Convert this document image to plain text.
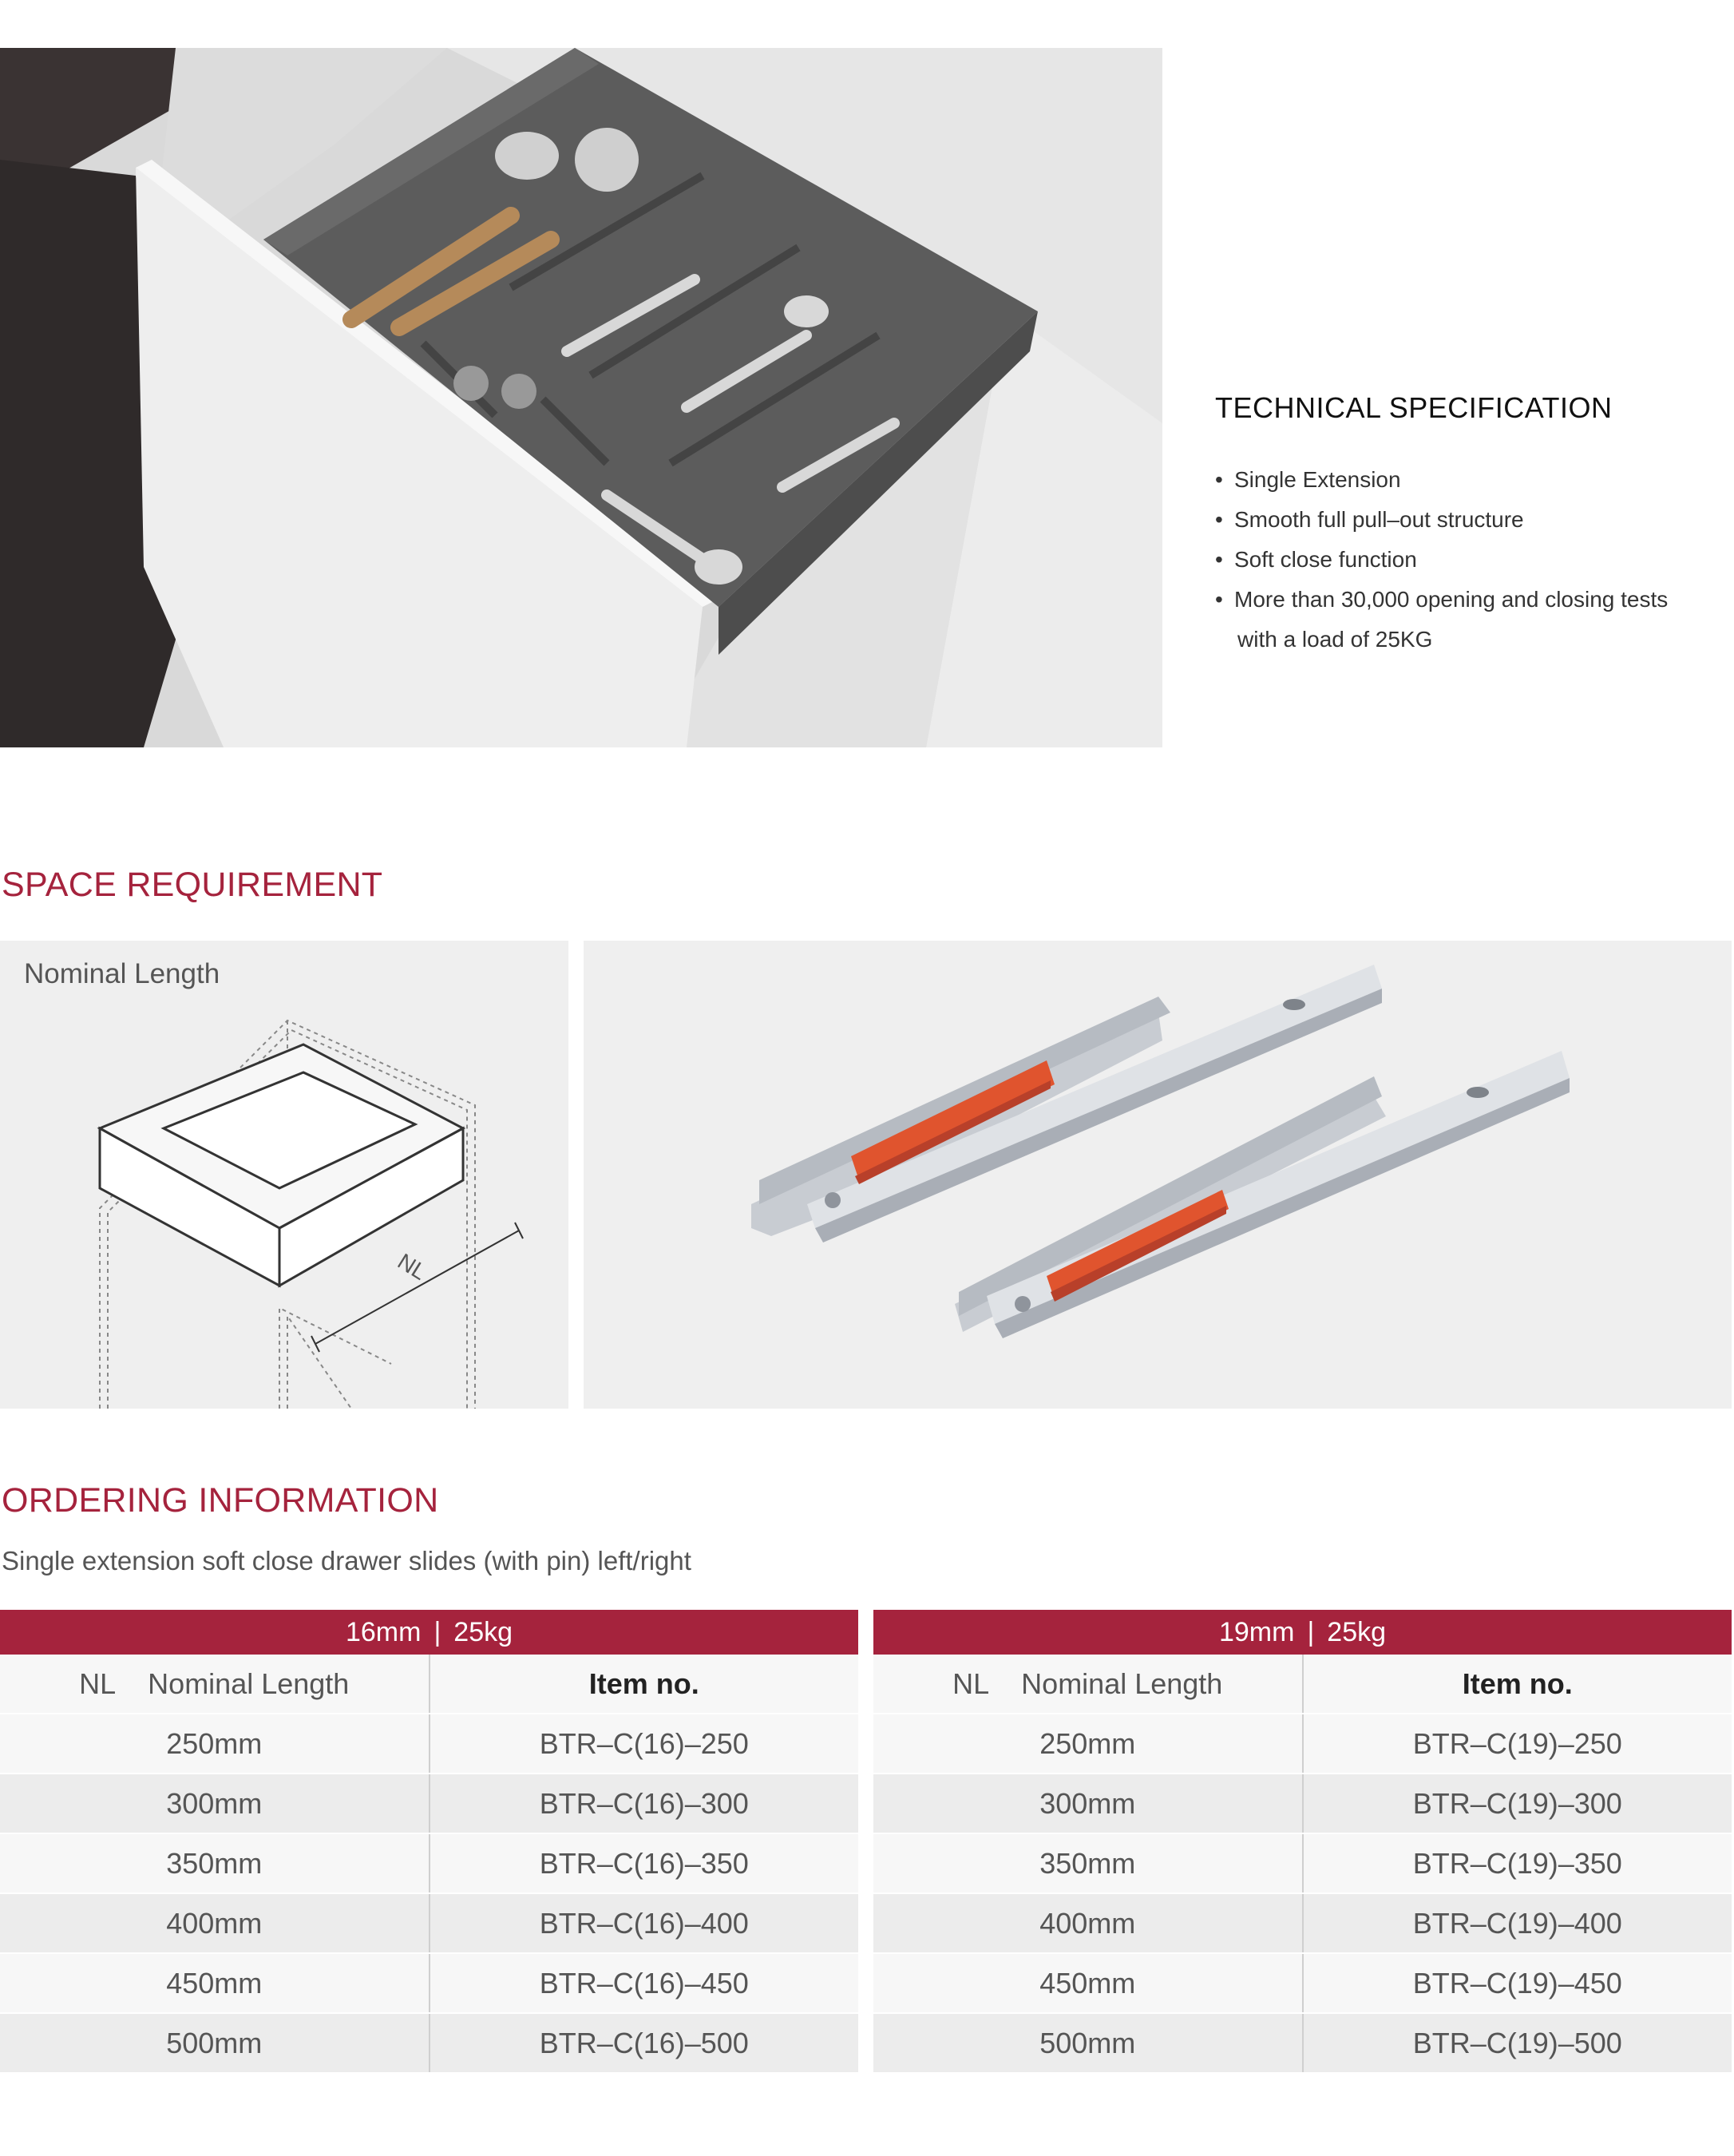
TECHNICAL SPECIFICATION
• Single Extension
• Smooth full pull–out structure
• Soft close function
• More than 30,000 opening and closing tests
with a load of 25KG
SPACE REQUIREMENT
Nominal Length
NL
ORDERING INFORMATION
Single extension soft close drawer slides (with pin) left/right
16mm | 25kg	
NL Nominal Length	Item no.
250mm	BTR–C(16)–250
300mm	BTR–C(16)–300
350mm	BTR–C(16)–350
400mm	BTR–C(16)–400
450mm	BTR–C(16)–450
500mm	BTR–C(16)–500
19mm | 25kg	
NL Nominal Length	Item no.
250mm	BTR–C(19)–250
300mm	BTR–C(19)–300
350mm	BTR–C(19)–350
400mm	BTR–C(19)–400
450mm	BTR–C(19)–450
500mm	BTR–C(19)–500
